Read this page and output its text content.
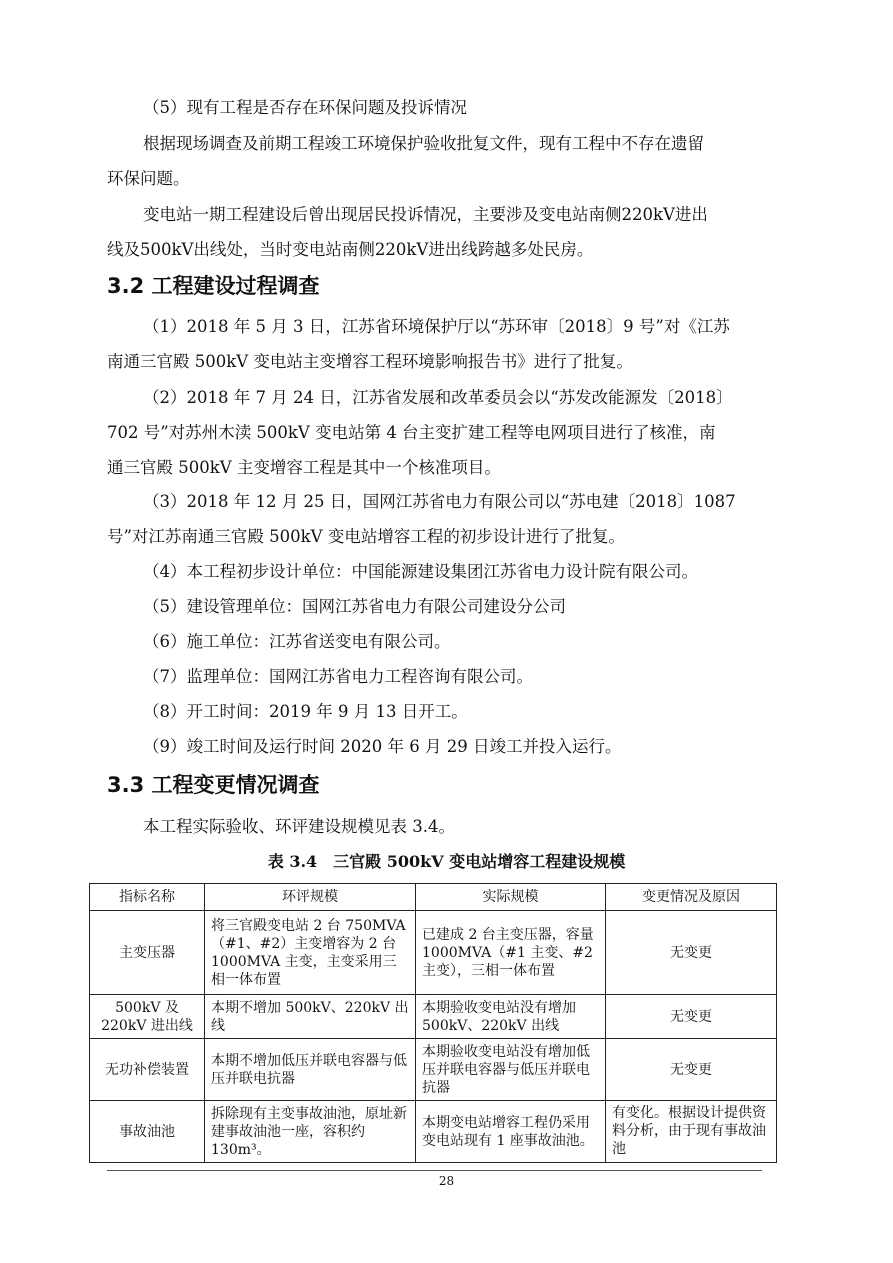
（5）现有工程是否存在环保问题及投诉情况
根据现场调查及前期工程竣工环境保护验收批复文件，现有工程中不存在遗留
环保问题。
变电站一期工程建设后曾出现居民投诉情况，主要涉及变电站南侧220kV进出
线及500kV出线处，当时变电站南侧220kV进出线跨越多处民房。
3.2 工程建设过程调查
（1）2018 年 5 月 3 日，江苏省环境保护厅以“苏环审〔2018〕9 号”对《江苏
南通三官殿 500kV 变电站主变增容工程环境影响报告书》进行了批复。
（2）2018 年 7 月 24 日，江苏省发展和改革委员会以“苏发改能源发〔2018〕
702 号”对苏州木渎 500kV 变电站第 4 台主变扩建工程等电网项目进行了核准，南
通三官殿 500kV 主变增容工程是其中一个核准项目。
（3）2018 年 12 月 25 日，国网江苏省电力有限公司以“苏电建〔2018〕1087
号”对江苏南通三官殿 500kV 变电站增容工程的初步设计进行了批复。
（4）本工程初步设计单位：中国能源建设集团江苏省电力设计院有限公司。
（5）建设管理单位：国网江苏省电力有限公司建设分公司
（6）施工单位：江苏省送变电有限公司。
（7）监理单位：国网江苏省电力工程咨询有限公司。
（8）开工时间：2019 年 9 月 13 日开工。
（9）竣工时间及运行时间 2020 年 6 月 29 日竣工并投入运行。
3.3 工程变更情况调查
本工程实际验收、环评建设规模见表 3.4。
表 3.4　三官殿 500kV 变电站增容工程建设规模
指标名称	环评规模	实际规模	变更情况及原因
主变压器	将三官殿变电站 2 台 750MVA（#1、#2）主变增容为 2 台 1000MVA 主变，主变采用三相一体布置	已建成 2 台主变压器，容量 1000MVA（#1 主变、#2 主变），三相一体布置	无变更
500kV 及 220kV 进出线	本期不增加 500kV、220kV 出线	本期验收变电站没有增加 500kV、220kV 出线	无变更
无功补偿装置	本期不增加低压并联电容器与低压并联电抗器	本期验收变电站没有增加低压并联电容器与低压并联电抗器	无变更
事故油池	拆除现有主变事故油池，原址新建事故油池一座，容积约 130m³。	本期变电站增容工程仍采用变电站现有 1 座事故油池。	有变化。根据设计提供资料分析，由于现有事故油池
28
